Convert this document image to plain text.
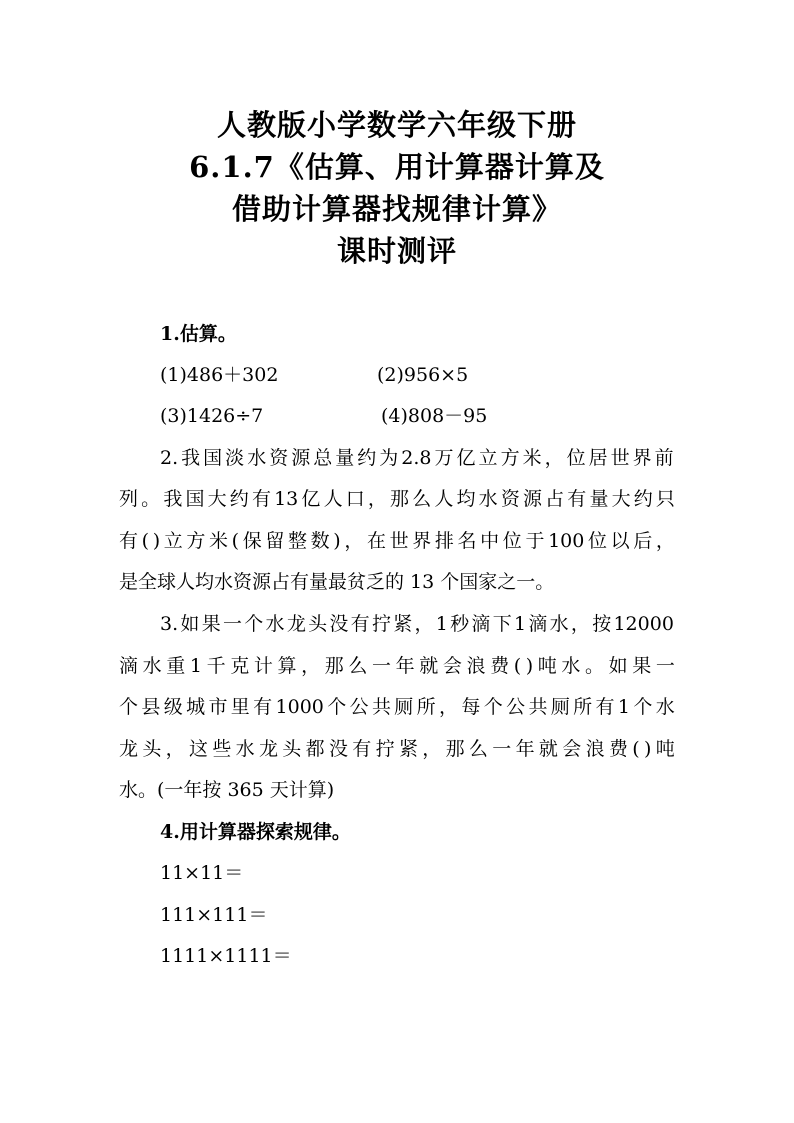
人教版小学数学六年级下册
6.1.7《估算、用计算器计算及
借助计算器找规律计算》
课时测评
1.估算。
(1)486＋302	(2)956×5
(3)1426÷7	(4)808－95
2. 我 国 淡 水 资 源 总 量 约 为 2.8 万 亿 立 方 米 ， 位 居 世 界 前
列 。 我 国 大 约 有 13 亿 人 口 ， 那 么 人 均 水 资 源 占 有 量 大 约 只
有 ( ) 立 方 米 ( 保 留 整 数 ) ， 在 世 界 排 名 中 位 于 100 位 以 后 ，
是全球人均水资源占有量最贫乏的 13 个国家之一。
3. 如 果 一 个 水 龙 头 没 有 拧 紧 ， 1 秒 滴 下 1 滴 水 ， 按 12000
滴 水 重 1 千 克 计 算 ， 那 么 一 年 就 会 浪 费 ( ) 吨 水 。 如 果 一
个 县 级 城 市 里 有 1000 个 公 共 厕 所 ， 每 个 公 共 厕 所 有 1 个 水
龙 头 ， 这 些 水 龙 头 都 没 有 拧 紧 ， 那 么 一 年 就 会 浪 费 ( ) 吨
水。(一年按 365 天计算)
4.用计算器探索规律。
11×11＝
111×111＝
1111×1111＝
